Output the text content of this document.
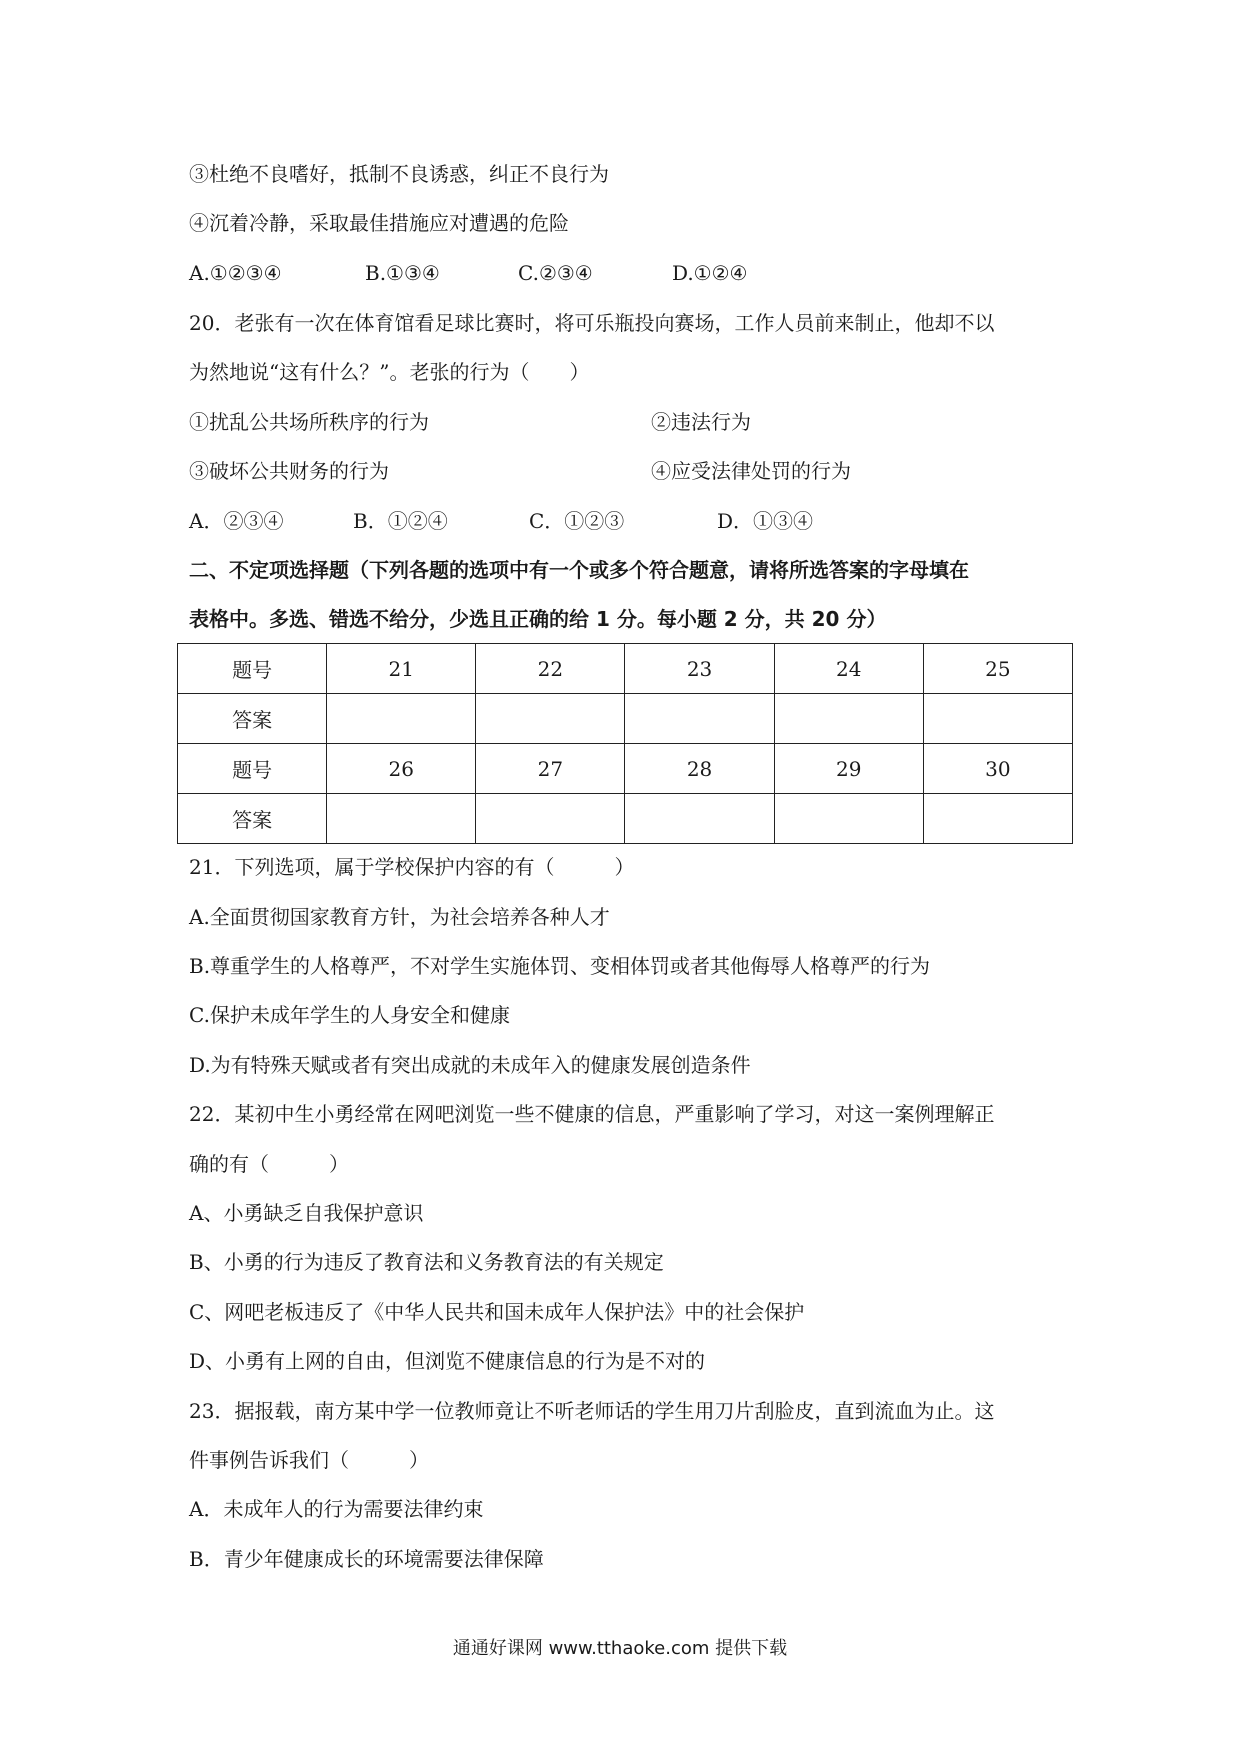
③杜绝不良嗜好，抵制不良诱惑，纠正不良行为

④沉着冷静，采取最佳措施应对遭遇的危险

A.①②③④	B.①③④	C.②③④	D.①②④

20．老张有一次在体育馆看足球比赛时，将可乐瓶投向赛场，工作人员前来制止，他却不以

为然地说“这有什么？”。老张的行为（　　）

①扰乱公共场所秩序的行为	②违法行为

③破坏公共财务的行为	④应受法律处罚的行为

A．②③④	B．①②④	C．①②③	D．①③④

二、不定项选择题（下列各题的选项中有一个或多个符合题意，请将所选答案的字母填在

表格中。多选、错选不给分，少选且正确的给 1 分。每小题 2 分，共 20 分）

题号	21	22	23	24	25
答案					
题号	26	27	28	29	30
答案					

21．下列选项，属于学校保护内容的有（　　　）

A.全面贯彻国家教育方针，为社会培养各种人才

B.尊重学生的人格尊严，不对学生实施体罚、变相体罚或者其他侮辱人格尊严的行为

C.保护未成年学生的人身安全和健康

D.为有特殊天赋或者有突出成就的未成年入的健康发展创造条件

22．某初中生小勇经常在网吧浏览一些不健康的信息，严重影响了学习，对这一案例理解正

确的有（　　　）

A、小勇缺乏自我保护意识

B、小勇的行为违反了教育法和义务教育法的有关规定

C、网吧老板违反了《中华人民共和国未成年人保护法》中的社会保护

D、小勇有上网的自由，但浏览不健康信息的行为是不对的

23．据报载，南方某中学一位教师竟让不听老师话的学生用刀片刮脸皮，直到流血为止。这

件事例告诉我们（　　　）

A．未成年人的行为需要法律约束

B．青少年健康成长的环境需要法律保障

通通好课网 www.tthaoke.com 提供下载
